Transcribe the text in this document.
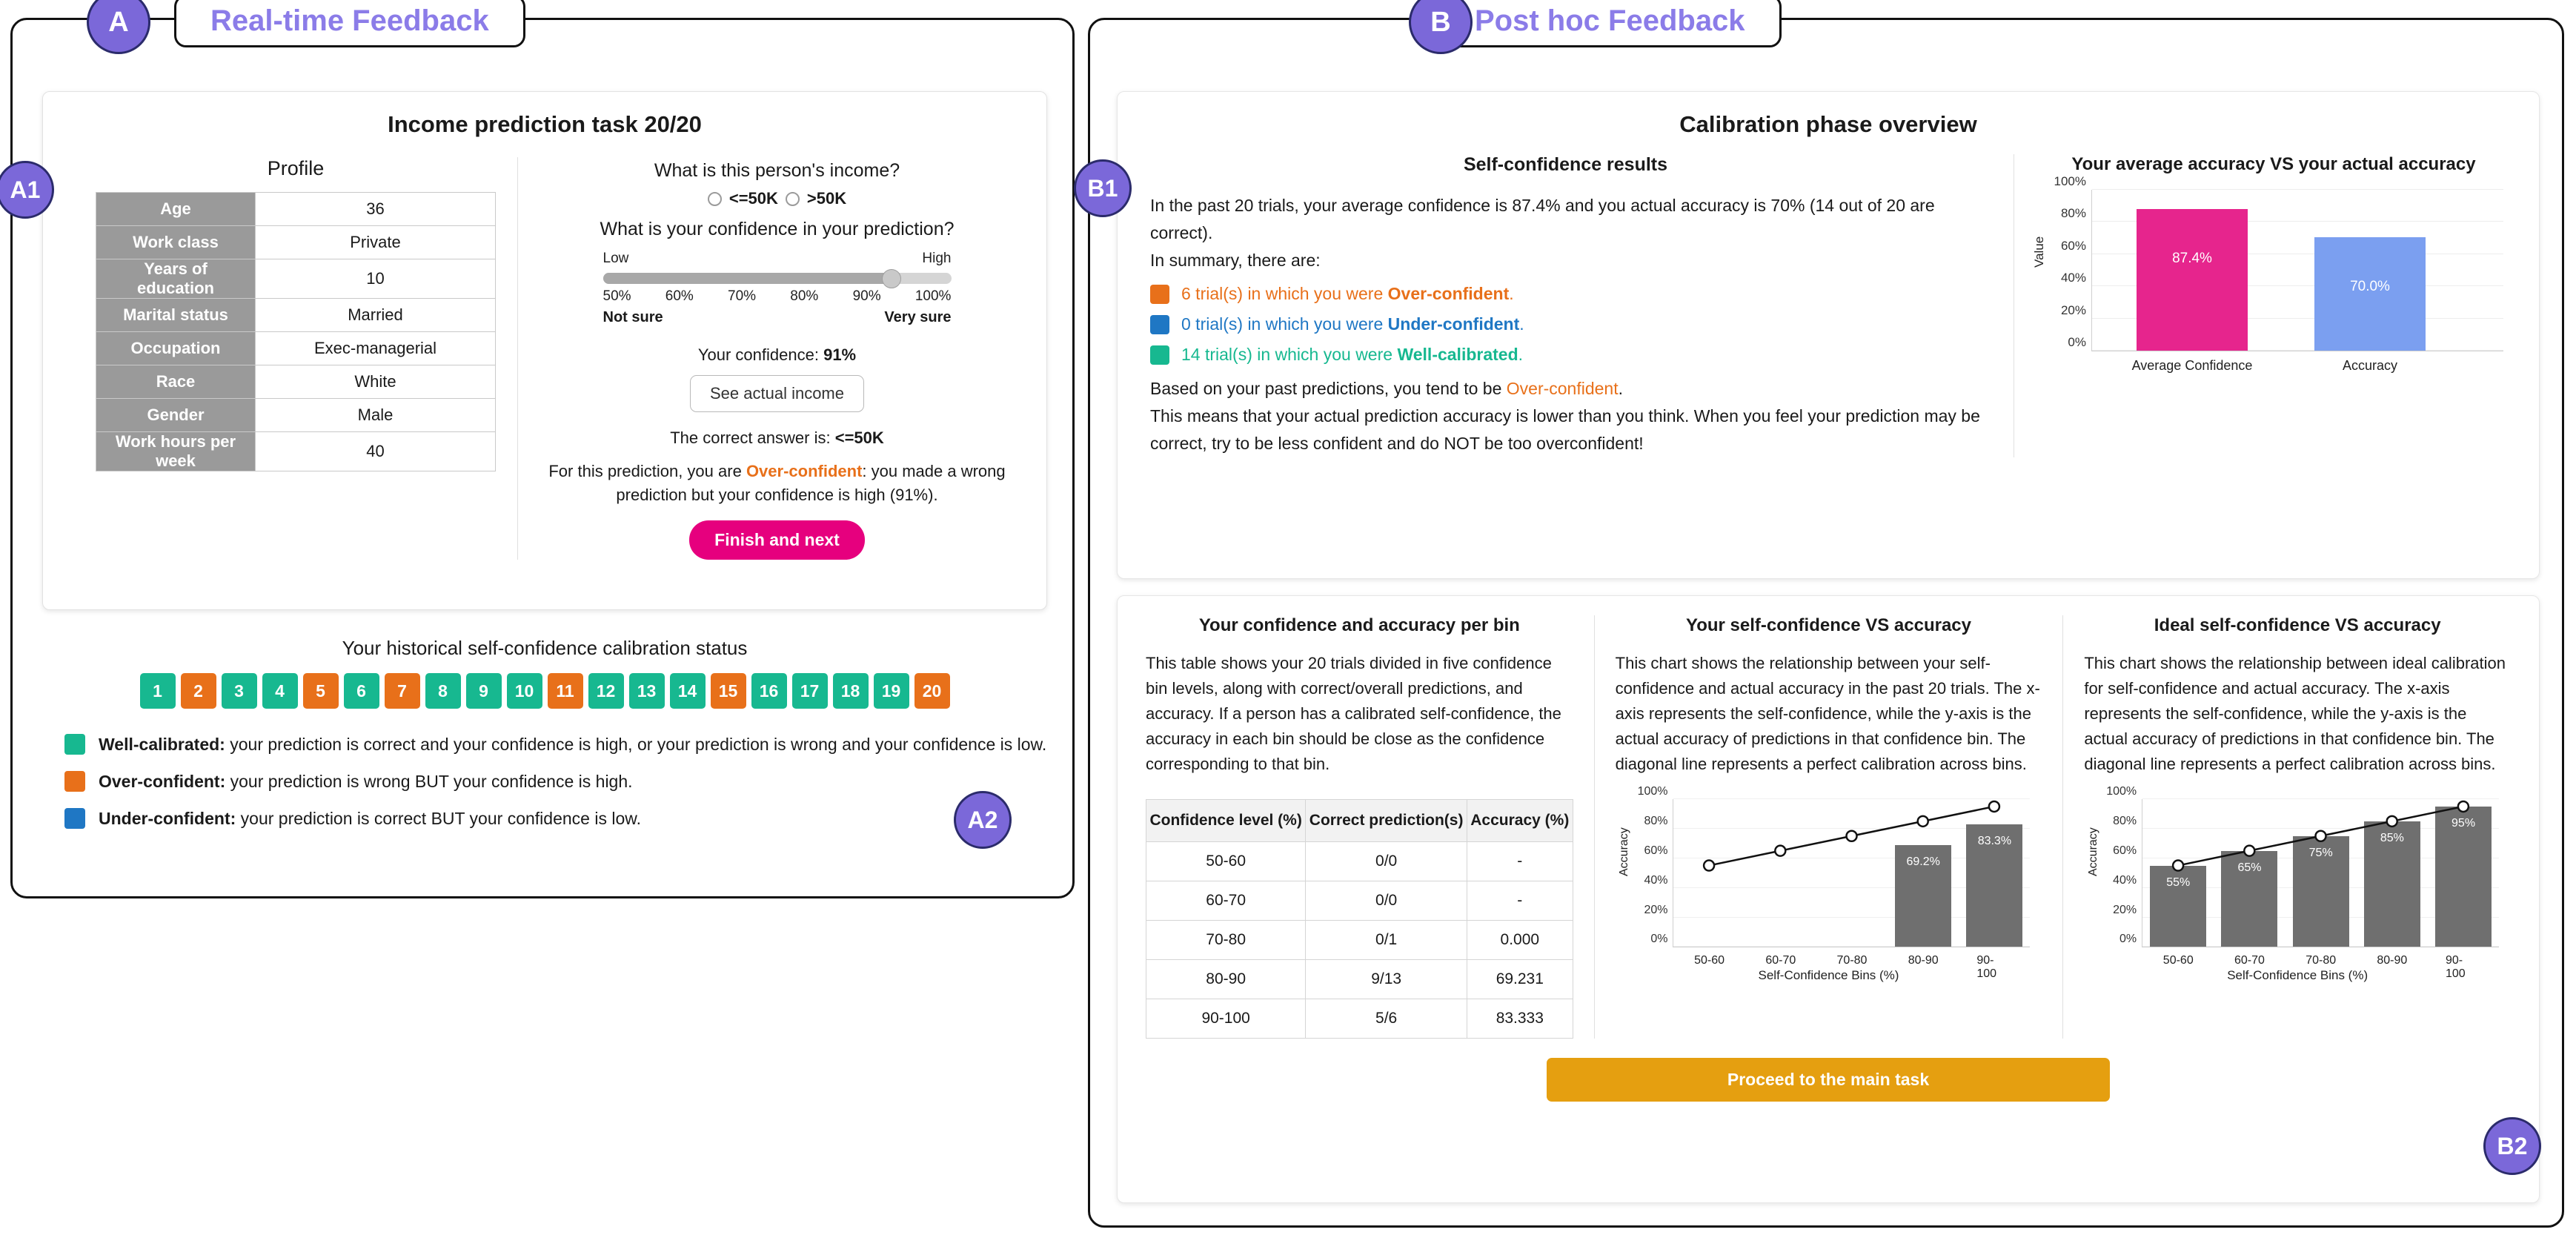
A	Real-time Feedback
A1
Income prediction task 20/20
Profile
Age	36
Work class	Private
Years of education	10
Marital status	Married
Occupation	Exec-managerial
Race	White
Gender	Male
Work hours per week	40
What is this person's income?
<=50K >50K
What is your confidence in your prediction?
Low	High
50% 60% 70% 80% 90% 100%
Not sure	Very sure
Your confidence: 91%
See actual income
The correct answer is: <=50K
For this prediction, you are Over-confident: you made a wrong prediction but your confidence is high (91%).
Finish and next
Your historical self-confidence calibration status
1	2	3	4	5	6	7	8	9	10	11	12	13	14	15	16	17	18	19	20
Well-calibrated: your prediction is correct and your confidence is high, or your prediction is wrong and your confidence is low.
Over-confident: your prediction is wrong BUT your confidence is high.
Under-confident: your prediction is correct BUT your confidence is low.	A2
B Post hoc Feedback
B1
Calibration phase overview
Self-confidence results
In the past 20 trials, your average confidence is 87.4% and you actual accuracy is 70% (14 out of 20 are correct).
In summary, there are:
6 trial(s) in which you were Over-confident.
0 trial(s) in which you were Under-confident.
14 trial(s) in which you were Well-calibrated.
Based on your past predictions, you tend to be Over-confident.
This means that your actual prediction accuracy is lower than you think. When you feel your prediction may be correct, try to be less confident and do NOT be too overconfident!
Your average accuracy VS your actual accuracy
Value
0%
20%
40%
60%
80%
100%
87.4%
Average Confidence
70.0%
Accuracy
Your confidence and accuracy per bin
This table shows your 20 trials divided in five confidence bin levels, along with correct/overall predictions, and accuracy. If a person has a calibrated self-confidence, the accuracy in each bin should be close as the confidence corresponding to that bin.
Confidence level (%)	Correct prediction(s)	Accuracy (%)
50-60	0/0	-
60-70	0/0	-
70-80	0/1	0.000
80-90	9/13	69.231
90-100	5/6	83.333
Your self-confidence VS accuracy
This chart shows the relationship between your self-confidence and actual accuracy in the past 20 trials. The x-axis represents the self-confidence, while the y-axis is the actual accuracy of predictions in that confidence bin. The diagonal line represents a perfect calibration across bins.
Accuracy
0%
20%
40%
60%
80%
100%
50-60	60-70	70-80
69.2%
80-90
83.3%
90-100
Self-Confidence Bins (%)
Ideal self-confidence VS accuracy
This chart shows the relationship between ideal calibration for self-confidence and actual accuracy. The x-axis represents the self-confidence, while the y-axis is the actual accuracy of predictions in that confidence bin. The diagonal line represents a perfect calibration across bins.
Accuracy
0%
20%
40%
60%
80%
100%
55%
50-60
65%
60-70
75%
70-80
85%
80-90
95%
90-100
Self-Confidence Bins (%)
Proceed to the main task
B2
